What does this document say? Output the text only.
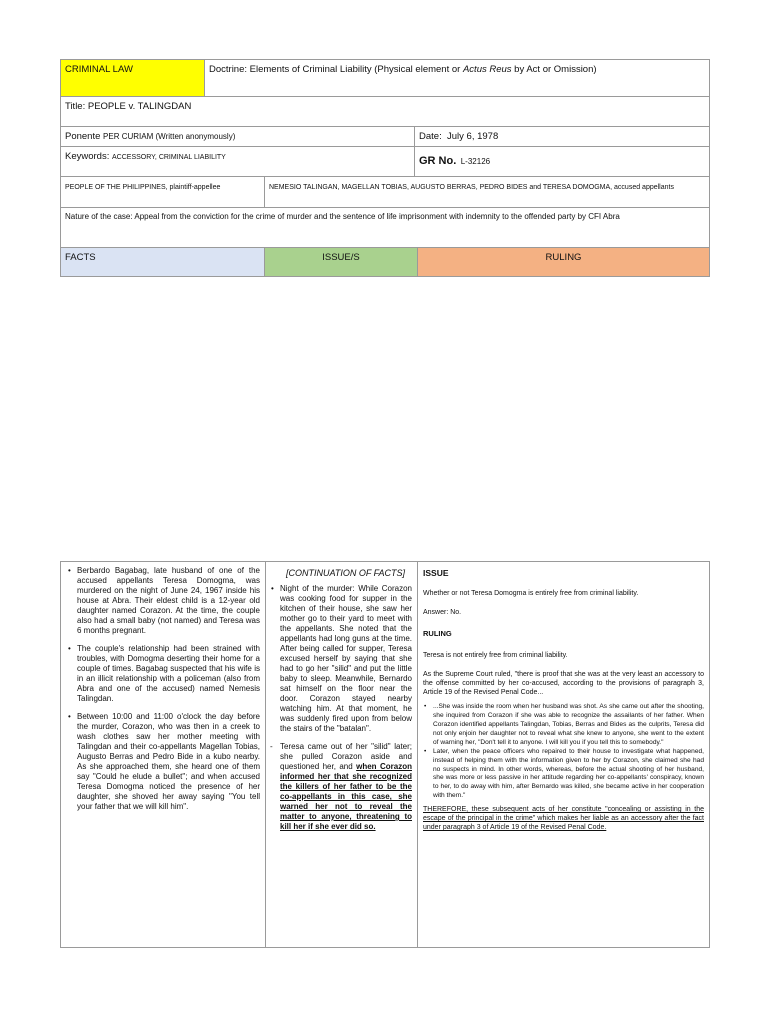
CRIMINAL LAW	Doctrine: Elements of Criminal Liability (Physical element or Actus Reus by Act or Omission)
Title: PEOPLE v. TALINGDAN
Ponente PER CURIAM (Written anonymously)	Date: July 6, 1978
Keywords: ACCESSORY, CRIMINAL LIABILITY	GR No. L-32126
PEOPLE OF THE PHILIPPINES, plaintiff-appellee	NEMESIO TALINGAN, MAGELLAN TOBIAS, AUGUSTO BERRAS, PEDRO BIDES and TERESA DOMOGMA, accused appellants
Nature of the case: Appeal from the conviction for the crime of murder and the sentence of life imprisonment with indemnity to the offended party by CFI Abra
FACTS	ISSUE/S	RULING
• Berbardo Bagabag, late husband of one of the accused appellants Teresa Domogma, was murdered on the night of June 24, 1967 inside his house at Abra. Their eldest child is a 12-year old daughter named Corazon. At the time, the couple also had a small baby (not named) and Teresa was 6 months pregnant.
• The couple's relationship had been strained with troubles, with Domogma deserting their home for a couple of times. Bagabag suspected that his wife is in an illicit relationship with a policeman (also from Abra and one of the accused) named Nemesis Talingdan.
• Between 10:00 and 11:00 o'clock the day before the murder, Corazon, who was then in a creek to wash clothes saw her mother meeting with Talingdan and their co-appellants Magellan Tobias, Augusto Berras and Pedro Bide in a kubo nearby. As she approached them, she heard one of them say "Could he elude a bullet"; and when accused Teresa Domogma noticed the presence of her daughter, she shoved her away saying "You tell your father that we will kill him".
[CONTINUATION OF FACTS]
• Night of the murder: While Corazon was cooking food for supper in the kitchen of their house, she saw her mother go to their yard to meet with the appellants. She noted that the appellants had long guns at the time. After being called for supper, Teresa excused herself by saying that she had to go her "silid" and put the little baby to sleep. Meanwhile, Bernardo sat himself on the floor near the door. Corazon stayed nearby watching him. At that moment, he was suddenly fired upon from below the stairs of the "batalan".
- Teresa came out of her "silid" later; she pulled Corazon aside and questioned her, and when Corazon informed her that she recognized the killers of her father to be the co-appellants in this case, she warned her not to reveal the matter to anyone, threatening to kill her if she ever did so.
ISSUE
Whether or not Teresa Domogma is entirely free from criminal liability.
Answer: No.
RULING
Teresa is not entirely free from criminal liability.
As the Supreme Court ruled, "there is proof that she was at the very least an accessory to the offense committed by her co-accused, according to the provisions of paragraph 3, Article 19 of the Revised Penal Code...
• ...She was inside the room when her husband was shot. As she came out after the shooting, she inquired from Corazon if she was able to recognize the assailants of her father. When Corazon identified appellants Talingdan, Tobias, Berras and Bides as the culprits, Teresa did not only enjoin her daughter not to reveal what she knew to anyone, she went to the extent of warning her, "Don't tell it to anyone. I will kill you if you tell this to somebody."
• Later, when the peace officers who repaired to their house to investigate what happened, instead of helping them with the information given to her by Corazon, she claimed she had no suspects in mind. In other words, whereas, before the actual shooting of her husband, she was more or less passive in her attitude regarding her co-appellants' conspiracy, known to her, to do away with him, after Bernardo was killed, she became active in her cooperation with them."
THEREFORE, these subsequent acts of her constitute "concealing or assisting in the escape of the principal in the crime" which makes her liable as an accessory after the fact under paragraph 3 of Article 19 of the Revised Penal Code.
